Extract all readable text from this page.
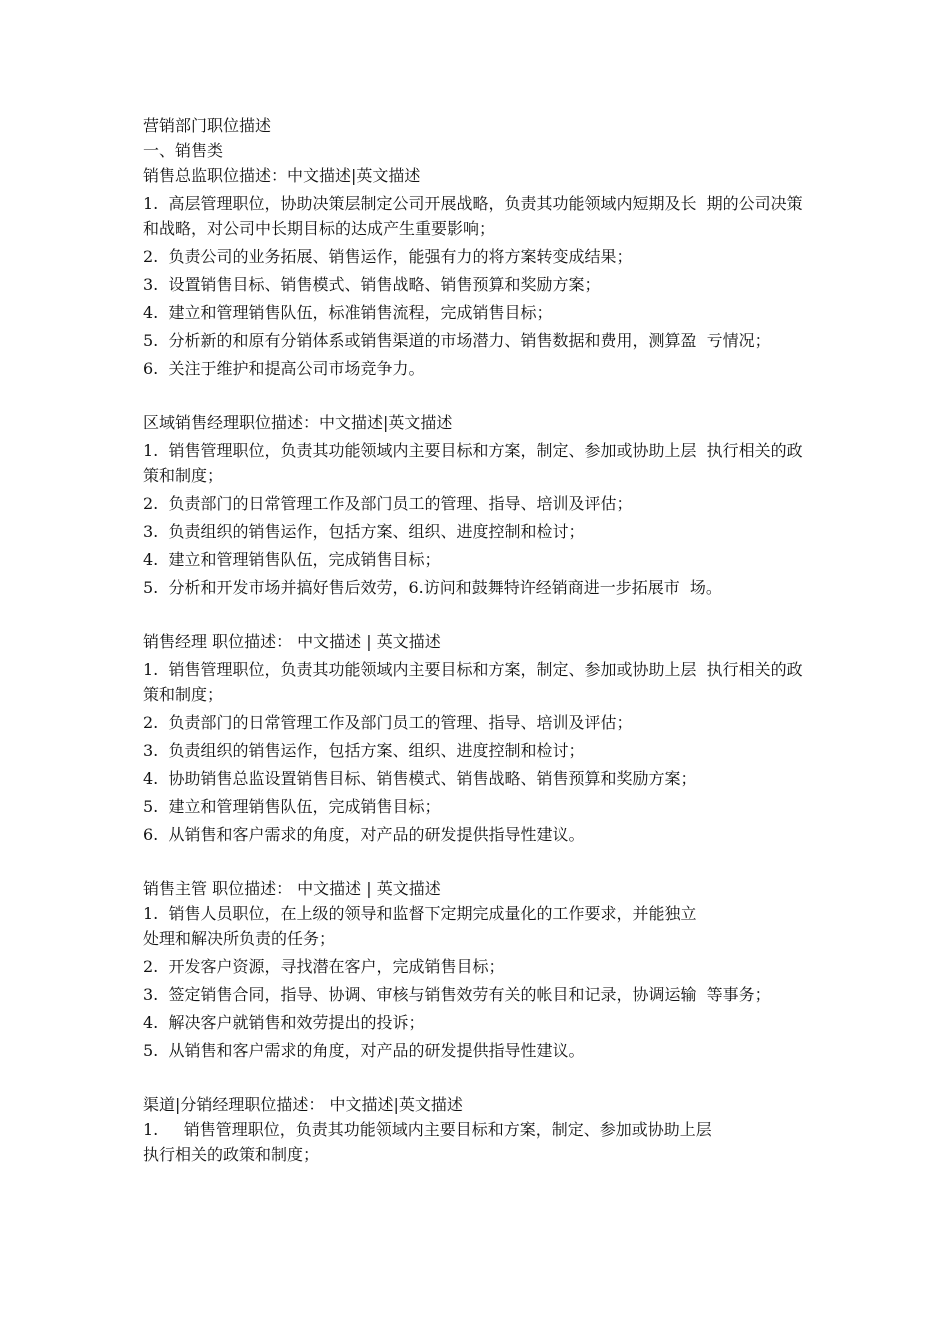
营销部门职位描述
一、销售类
销售总监职位描述：中文描述|英文描述
1.  高层管理职位，协助决策层制定公司开展战略，负责其功能领域内短期及长  期的公司决策和战略，对公司中长期目标的达成产生重要影响；
2.  负责公司的业务拓展、销售运作，能强有力的将方案转变成结果；
3.  设置销售目标、销售模式、销售战略、销售预算和奖励方案；
4.  建立和管理销售队伍，标准销售流程，完成销售目标；
5.  分析新的和原有分销体系或销售渠道的市场潜力、销售数据和费用，测算盈  亏情况；
6.  关注于维护和提高公司市场竞争力。
区域销售经理职位描述：中文描述|英文描述
1.  销售管理职位，负责其功能领域内主要目标和方案，制定、参加或协助上层  执行相关的政策和制度；
2.  负责部门的日常管理工作及部门员工的管理、指导、培训及评估；
3.  负责组织的销售运作，包括方案、组织、进度控制和检讨；
4.  建立和管理销售队伍，完成销售目标；
5.  分析和开发市场并搞好售后效劳，6.访问和鼓舞特许经销商进一步拓展市  场。
销售经理 职位描述： 中文描述 | 英文描述
1.  销售管理职位，负责其功能领域内主要目标和方案，制定、参加或协助上层  执行相关的政策和制度；
2.  负责部门的日常管理工作及部门员工的管理、指导、培训及评估；
3.  负责组织的销售运作，包括方案、组织、进度控制和检讨；
4.  协助销售总监设置销售目标、销售模式、销售战略、销售预算和奖励方案；
5.  建立和管理销售队伍，完成销售目标；
6.  从销售和客户需求的角度，对产品的研发提供指导性建议。
销售主管 职位描述： 中文描述 | 英文描述
1.  销售人员职位，在上级的领导和监督下定期完成量化的工作要求，并能独立
处理和解决所负责的任务；
2.  开发客户资源，寻找潜在客户，完成销售目标；
3.  签定销售合同，指导、协调、审核与销售效劳有关的帐目和记录，协调运输  等事务；
4.  解决客户就销售和效劳提出的投诉；
5.  从销售和客户需求的角度，对产品的研发提供指导性建议。
渠道|分销经理职位描述： 中文描述|英文描述
1.     销售管理职位，负责其功能领域内主要目标和方案，制定、参加或协助上层
执行相关的政策和制度；
